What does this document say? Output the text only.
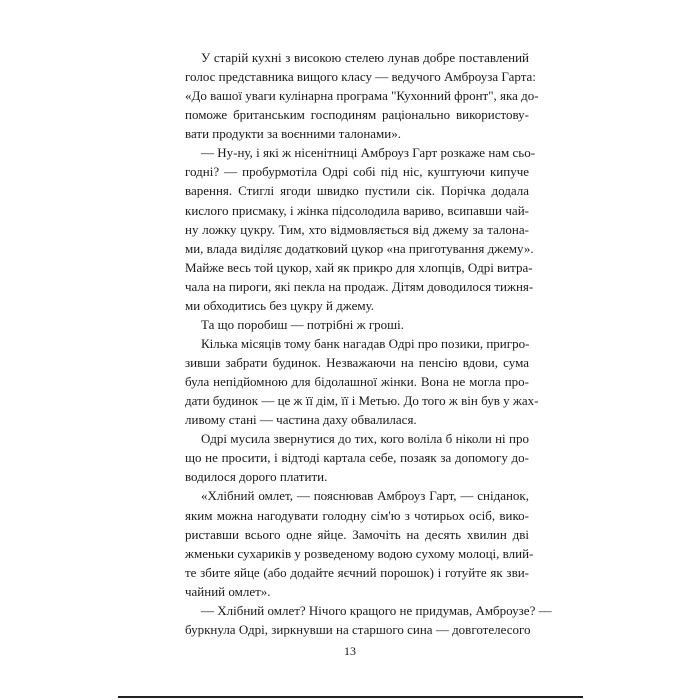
У старій кухні з високою стелею лунав добре поставлений
голос представника вищого класу — ведучого Амброуза Гарта:
«До вашої уваги кулінарна програма "Кухонний фронт", яка до-
поможе британським господиням раціонально використову-
вати продукти за воєнними талонами».
— Ну-ну, і які ж нісенітниці Амброуз Гарт розкаже нам сьо-
годні? — пробурмотіла Одрі собі під ніс, куштуючи кипуче
варення. Стиглі ягоди швидко пустили сік. Порічка додала
кислого присмаку, і жінка підсолодила вариво, всипавши чай-
ну ложку цукру. Тим, хто відмовляється від джему за талона-
ми, влада виділяє додатковий цукор «на приготування джему».
Майже весь той цукор, хай як прикро для хлопців, Одрі витра-
чала на пироги, які пекла на продаж. Дітям доводилося тижня-
ми обходитись без цукру й джему.
Та що поробиш — потрібні ж гроші.
Кілька місяців тому банк нагадав Одрі про позики, пригро-
зивши забрати будинок. Незважаючи на пенсію вдови, сума
була непідйомною для бідолашної жінки. Вона не могла про-
дати будинок — це ж її дім, її і Метью. До того ж він був у жах-
ливому стані — частина даху обвалилася.
Одрі мусила звернутися до тих, кого воліла б ніколи ні про
що не просити, і відтоді картала себе, позаяк за допомогу до-
водилося дорого платити.
«Хлібний омлет, — пояснював Амброуз Гарт, — сніданок,
яким можна нагодувати голодну сім'ю з чотирьох осіб, вико-
риставши всього одне яйце. Замочіть на десять хвилин дві
жменьки сухариків у розведеному водою сухому молоці, влий-
те збите яйце (або додайте яєчний порошок) і готуйте як зви-
чайний омлет».
— Хлібний омлет? Нічого кращого не придумав, Амброузе? —
буркнула Одрі, зиркнувши на старшого сина — довготелесого
13
